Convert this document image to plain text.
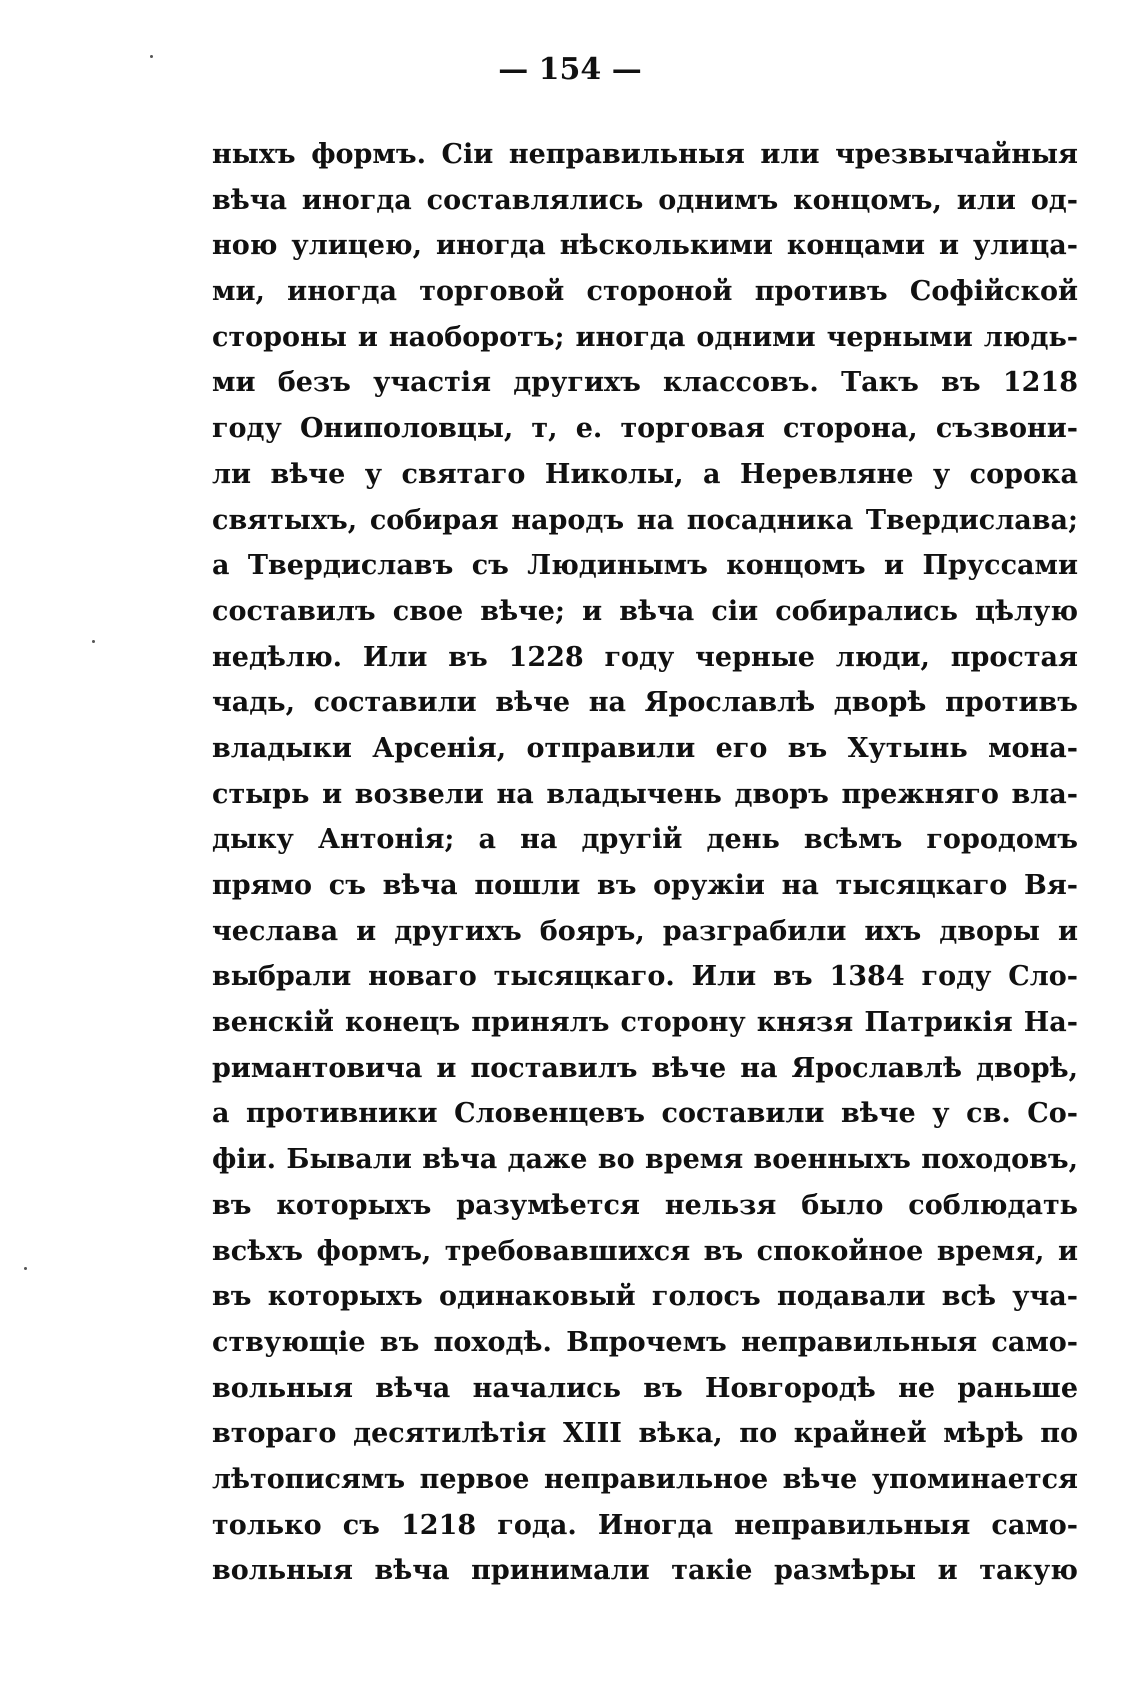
— 154 —
ныхъ формъ. Сіи неправильныя или чрезвычайныя
вѣча иногда составлялись однимъ концомъ, или од-
ною улицею, иногда нѣсколькими концами и улица-
ми, иногда торговой стороной противъ Софійской
стороны и наоборотъ; иногда одними черными людь-
ми безъ участія другихъ классовъ. Такъ въ 1218
году Онипoловцы, т, е. торговая сторона, съзвони-
ли вѣче у святаго Николы, а Неревляне у сорока
святыхъ, собирая народъ на посадника Твердислава;
а Твердиславъ съ Людинымъ концомъ и Пруссами
составилъ свое вѣче; и вѣча сіи собирались цѣлую
недѣлю. Или въ 1228 году черные люди, простая
чадь, составили вѣче на Ярославлѣ дворѣ противъ
владыки Арсенія, отправили его въ Хутынь мона-
стырь и возвели на владычень дворъ прежняго вла-
дыку Антонія; а на другій день всѣмъ городомъ
прямо съ вѣча пошли въ оружіи на тысяцкаго Вя-
чеслава и другихъ бояръ, разграбили ихъ дворы и
выбрали новаго тысяцкаго. Или въ 1384 году Сло-
венскій конецъ принялъ сторону князя Патрикія На-
римантовича и поставилъ вѣче на Ярославлѣ дворѣ,
а противники Словенцевъ составили вѣче у св. Со-
фіи. Бывали вѣча даже во время военныхъ походовъ,
въ которыхъ разумѣется нельзя было соблюдать
всѣхъ формъ, требовавшихся въ спокойное время, и
въ которыхъ одинаковый голосъ подавали всѣ уча-
ствующіе въ походѣ. Впрочемъ неправильныя само-
вольныя вѣча начались въ Новгородѣ не раньше
втораго десятилѣтія XIII вѣка, по крайней мѣрѣ по
лѣтописямъ первое неправильное вѣче упоминается
только съ 1218 года. Иногда неправильныя само-
вольныя вѣча принимали такіе размѣры и такую
